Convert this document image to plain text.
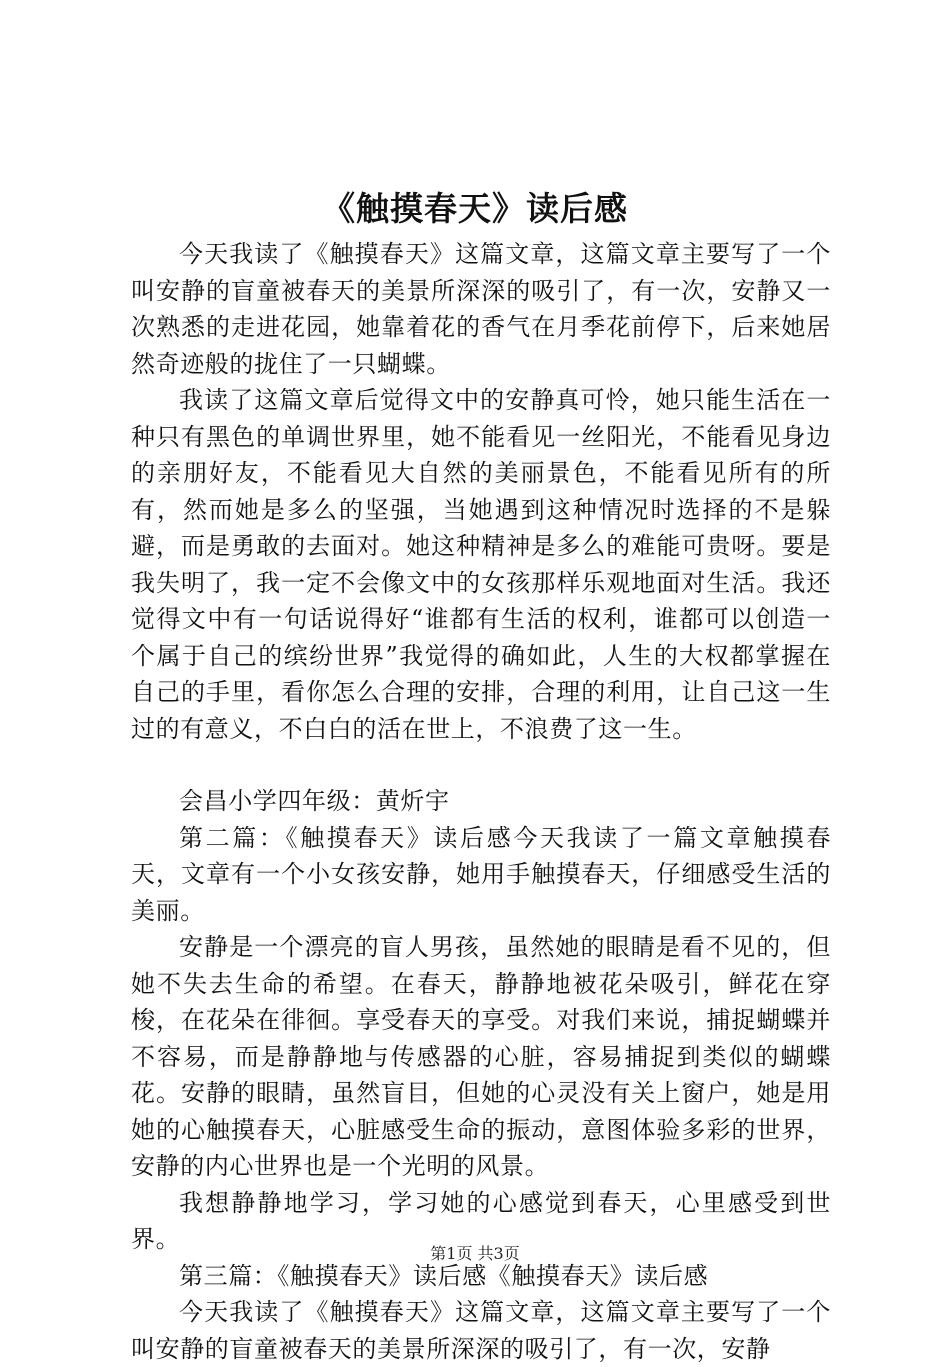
《触摸春天》读后感

今天我读了《触摸春天》这篇文章，这篇文章主要写了一个叫安静的盲童被春天的美景所深深的吸引了，有一次，安静又一次熟悉的走进花园，她靠着花的香气在月季花前停下，后来她居然奇迹般的拢住了一只蝴蝶。

我读了这篇文章后觉得文中的安静真可怜，她只能生活在一种只有黑色的单调世界里，她不能看见一丝阳光，不能看见身边的亲朋好友，不能看见大自然的美丽景色，不能看见所有的所有，然而她是多么的坚强，当她遇到这种情况时选择的不是躲避，而是勇敢的去面对。她这种精神是多么的难能可贵呀。要是我失明了，我一定不会像文中的女孩那样乐观地面对生活。我还觉得文中有一句话说得好“谁都有生活的权利，谁都可以创造一个属于自己的缤纷世界”我觉得的确如此，人生的大权都掌握在自己的手里，看你怎么合理的安排，合理的利用，让自己这一生过的有意义，不白白的活在世上，不浪费了这一生。

会昌小学四年级：黄炘宇

第二篇：《触摸春天》读后感今天我读了一篇文章触摸春天，文章有一个小女孩安静，她用手触摸春天，仔细感受生活的美丽。

安静是一个漂亮的盲人男孩，虽然她的眼睛是看不见的，但她不失去生命的希望。在春天，静静地被花朵吸引，鲜花在穿梭，在花朵在徘徊。享受春天的享受。对我们来说，捕捉蝴蝶并不容易，而是静静地与传感器的心脏，容易捕捉到类似的蝴蝶花。安静的眼睛，虽然盲目，但她的心灵没有关上窗户，她是用她的心触摸春天，心脏感受生命的振动，意图体验多彩的世界，安静的内心世界也是一个光明的风景。

我想静静地学习，学习她的心感觉到春天，心里感受到世界。

第三篇：《触摸春天》读后感《触摸春天》读后感

今天我读了《触摸春天》这篇文章，这篇文章主要写了一个叫安静的盲童被春天的美景所深深的吸引了，有一次，安静

第1页 共3页
